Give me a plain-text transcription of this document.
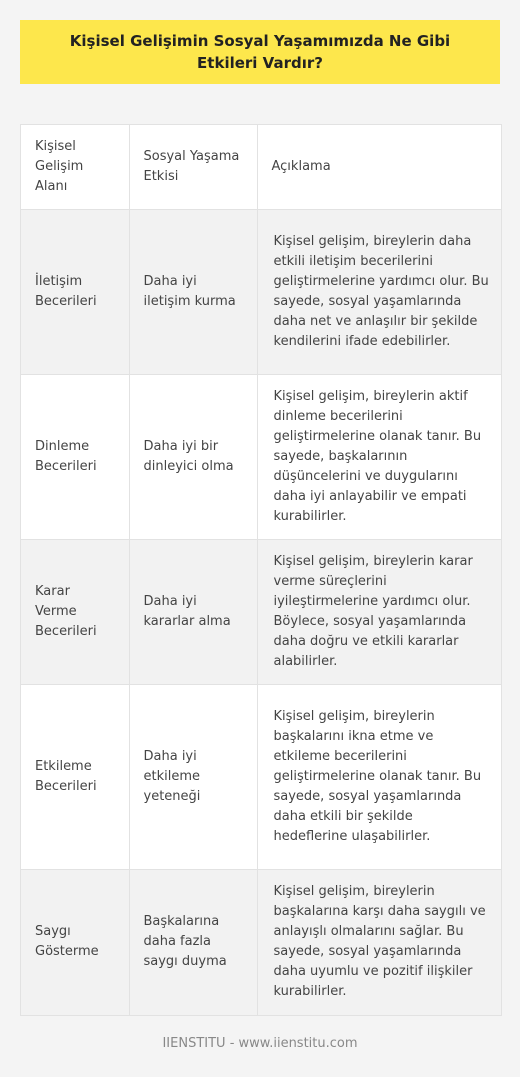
Kişisel Gelişimin Sosyal Yaşamımızda Ne Gibi Etkileri Vardır?
Kişisel Gelişim Alanı	Sosyal Yaşama Etkisi	Açıklama
İletişim Becerileri	Daha iyi iletişim kurma	Kişisel gelişim, bireylerin daha etkili iletişim becerilerini geliştirmelerine yardımcı olur. Bu sayede, sosyal yaşamlarında daha net ve anlaşılır bir şekilde kendilerini ifade edebilirler.
Dinleme Becerileri	Daha iyi bir dinleyici olma	Kişisel gelişim, bireylerin aktif dinleme becerilerini geliştirmelerine olanak tanır. Bu sayede, başkalarının düşüncelerini ve duygularını daha iyi anlayabilir ve empati kurabilirler.
Karar Verme Becerileri	Daha iyi kararlar alma	Kişisel gelişim, bireylerin karar verme süreçlerini iyileştirmelerine yardımcı olur. Böylece, sosyal yaşamlarında daha doğru ve etkili kararlar alabilirler.
Etkileme Becerileri	Daha iyi etkileme yeteneği	Kişisel gelişim, bireylerin başkalarını ikna etme ve etkileme becerilerini geliştirmelerine olanak tanır. Bu sayede, sosyal yaşamlarında daha etkili bir şekilde hedeflerine ulaşabilirler.
Saygı Gösterme	Başkalarına daha fazla saygı duyma	Kişisel gelişim, bireylerin başkalarına karşı daha saygılı ve anlayışlı olmalarını sağlar. Bu sayede, sosyal yaşamlarında daha uyumlu ve pozitif ilişkiler kurabilirler.
IIENSTITU - www.iienstitu.com
